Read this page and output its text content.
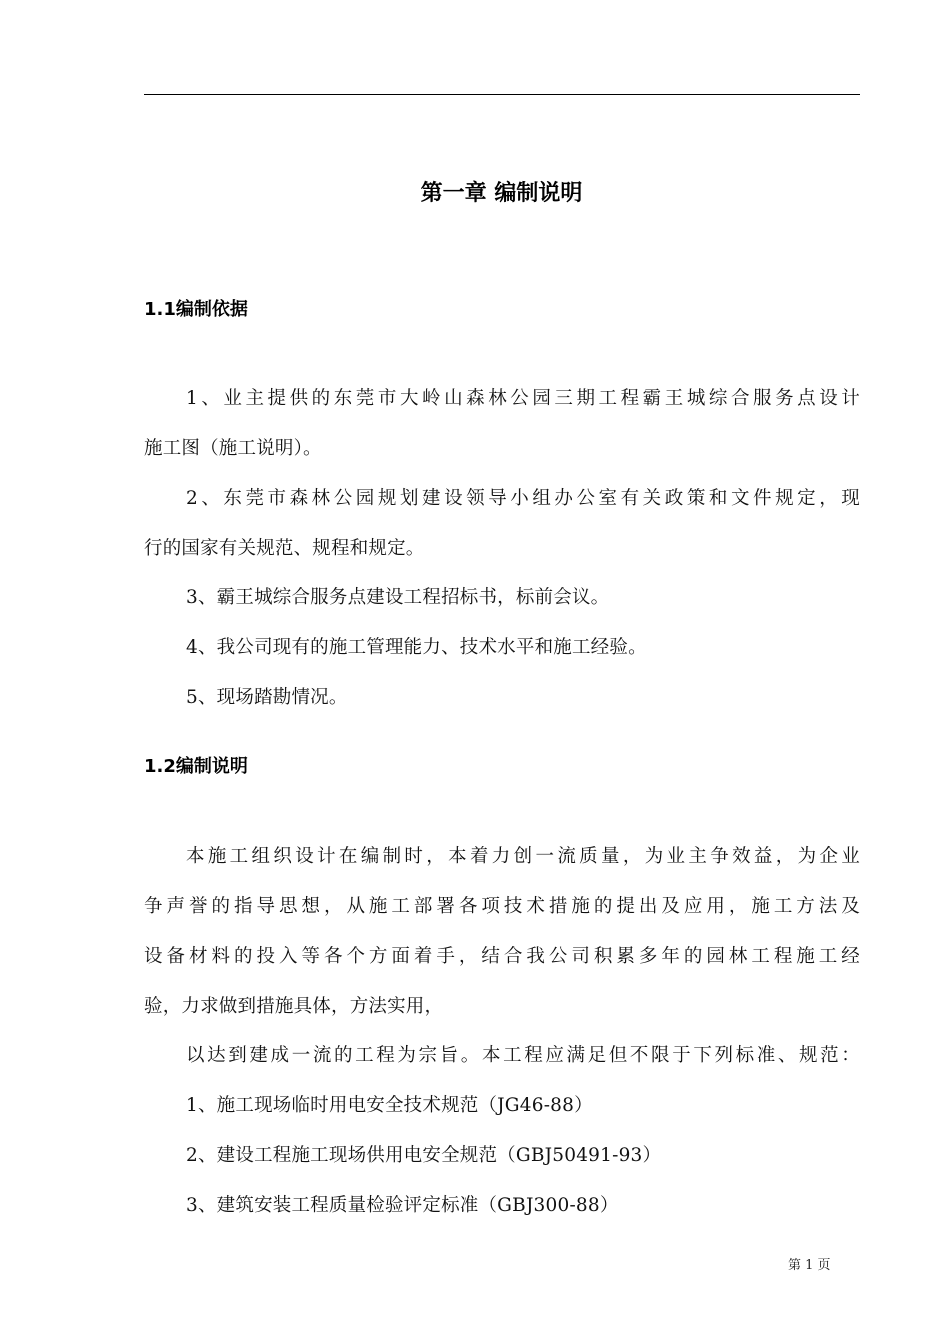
第一章 编制说明
1.1编制依据
1、业主提供的东莞市大岭山森林公园三期工程霸王城综合服务点设计
施工图（施工说明）。
2、东莞市森林公园规划建设领导小组办公室有关政策和文件规定，现
行的国家有关规范、规程和规定。
3、霸王城综合服务点建设工程招标书，标前会议。
4、我公司现有的施工管理能力、技术水平和施工经验。
5、现场踏勘情况。
1.2编制说明
本施工组织设计在编制时，本着力创一流质量，为业主争效益，为企业
争声誉的指导思想，从施工部署各项技术措施的提出及应用，施工方法及
设备材料的投入等各个方面着手，结合我公司积累多年的园林工程施工经
验，力求做到措施具体，方法实用，
以达到建成一流的工程为宗旨。本工程应满足但不限于下列标准、规范：
1、施工现场临时用电安全技术规范（JG46-88）
2、建设工程施工现场供用电安全规范（GBJ50491-93）
3、建筑安装工程质量检验评定标准（GBJ300-88）
第 1 页
